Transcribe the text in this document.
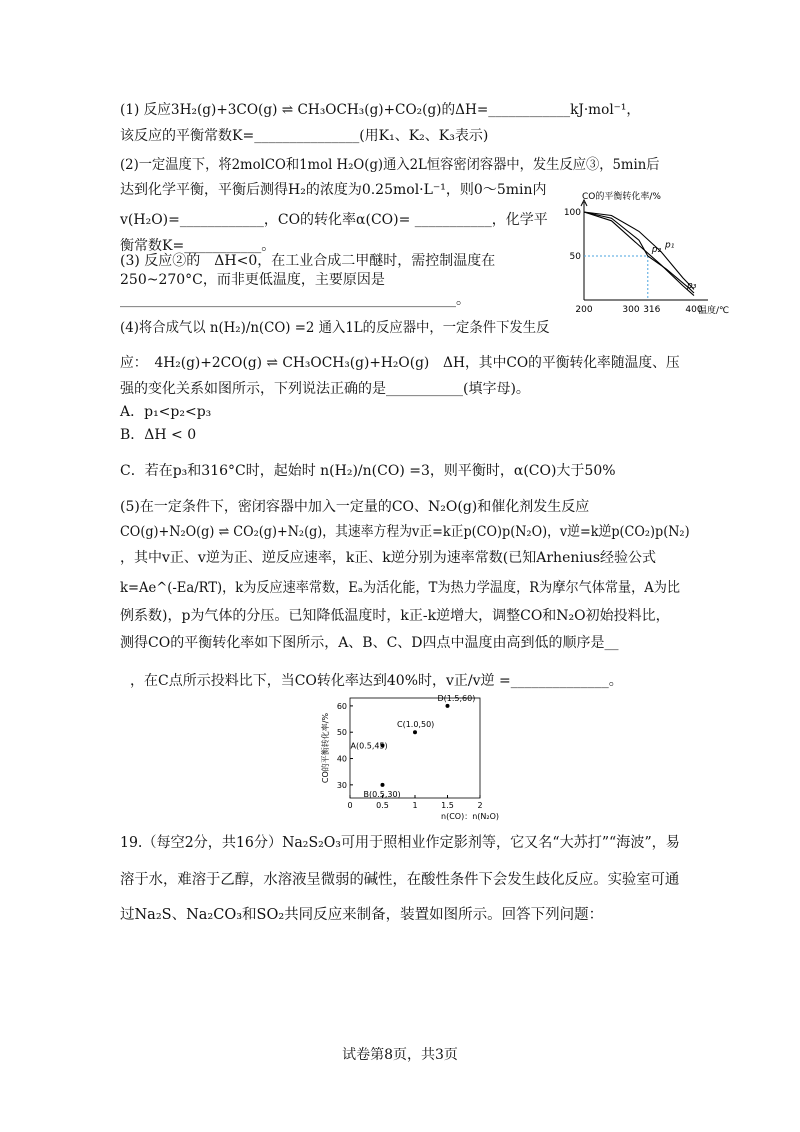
(1) 反应3H₂(g)+3CO(g) ⇌ CH₃OCH₃(g)+CO₂(g)的ΔH=____________kJ·mol⁻¹，
该反应的平衡常数K=_______________(用K₁、K₂、K₃表示)
(2)一定温度下，将2molCO和1mol H₂O(g)通入2L恒容密闭容器中，发生反应③，5min后
达到化学平衡，平衡后测得H₂的浓度为0.25mol·L⁻¹，则0～5min内
v(H₂O)=____________，CO的转化率α(CO)= ___________，化学平
衡常数K=___________。
(3) 反应②的　ΔH<0，在工业合成二甲醚时，需控制温度在
250~270°C，而非更低温度，主要原因是
________________________________________________。
(4)将合成气以 n(H₂)/n(CO) =2 通入1L的反应器中，一定条件下发生反
应：　4H₂(g)+2CO(g) ⇌ CH₃OCH₃(g)+H₂O(g)　ΔH，其中CO的平衡转化率随温度、压
强的变化关系如图所示，下列说法正确的是___________(填字母)。
A．p₁<p₂<p₃
B．ΔH < 0
C．若在p₃和316°C时，起始时 n(H₂)/n(CO) =3，则平衡时，α(CO)大于50%
(5)在一定条件下，密闭容器中加入一定量的CO、N₂O(g)和催化剂发生反应
CO(g)+N₂O(g) ⇌ CO₂(g)+N₂(g)，其速率方程为v正=k正p(CO)p(N₂O)，v逆=k逆p(CO₂)p(N₂)
，其中v正、v逆为正、逆反应速率，k正、k逆分别为速率常数(已知Arhenius经验公式
k=Ae^(-Ea/RT)，k为反应速率常数，Eₐ为活化能，T为热力学温度，R为摩尔气体常量，A为比
例系数)，p为气体的分压。已知降低温度时，k正-k逆增大，调整CO和N₂O初始投料比，
测得CO的平衡转化率如下图所示，A、B、C、D四点中温度由高到低的顺序是__
，在C点所示投料比下，当CO转化率达到40%时，v正/v逆 =______________。
19.（每空2分，共16分）Na₂S₂O₃可用于照相业作定影剂等，它又名“大苏打”“海波”，易
溶于水，难溶于乙醇，水溶液呈微弱的碱性，在酸性条件下会发生歧化反应。实验室可通
过Na₂S、Na₂CO₃和SO₂共同反应来制备，装置如图所示。回答下列问题：
CO的平衡转化率/%
温度/℃
200	300 316	400
100
50
p₁
p₂
p₃
0	0.5	1	1.5	2
30
40
50
60
n(CO)：n(N₂O)
CO的平衡转化率/%	A(0.5,45)
B(0.5,30)
C(1.0,50)
D(1.5,60)
试卷第8页，共3页
